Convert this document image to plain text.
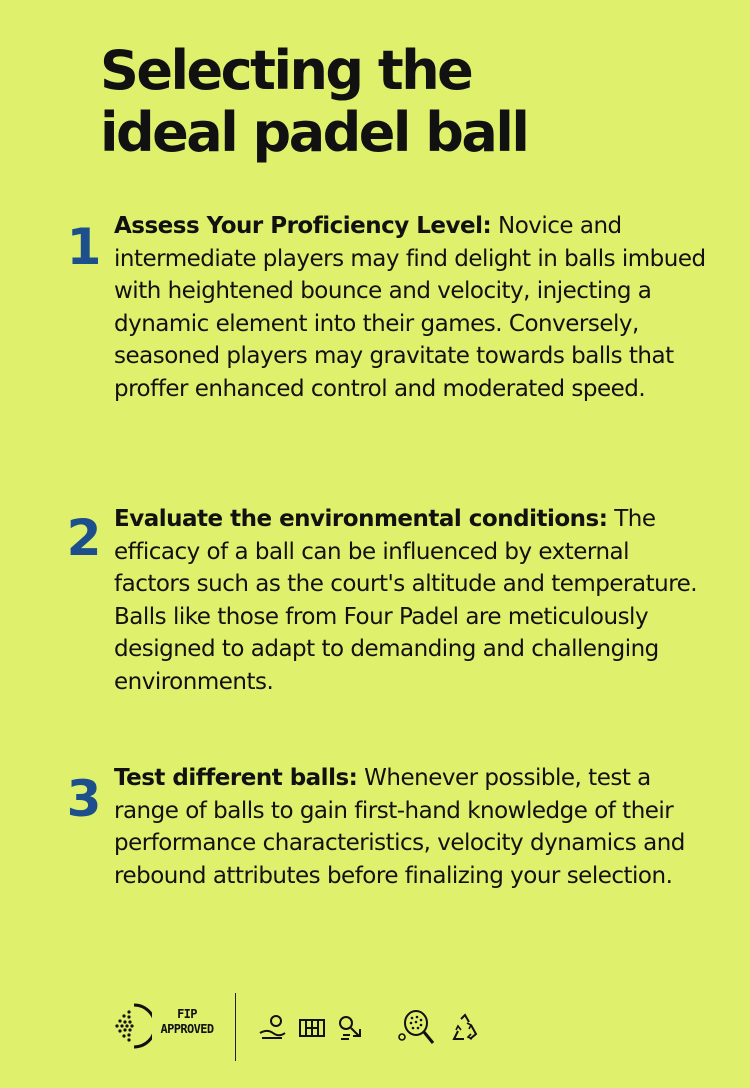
Selecting the
ideal padel ball
1 Assess Your Proficiency Level: Novice and intermediate players may find delight in balls imbued with heightened bounce and velocity, injecting a dynamic element into their games. Conversely, seasoned players may gravitate towards balls that proffer enhanced control and moderated speed.
2 Evaluate the environmental conditions: The efficacy of a ball can be influenced by external factors such as the court's altitude and temperature. Balls like those from Four Padel are meticulously designed to adapt to demanding and challenging environments.
3 Test different balls: Whenever possible, test a range of balls to gain first-hand knowledge of their performance characteristics, velocity dynamics and rebound attributes before finalizing your selection.
FIP
APPROVED
